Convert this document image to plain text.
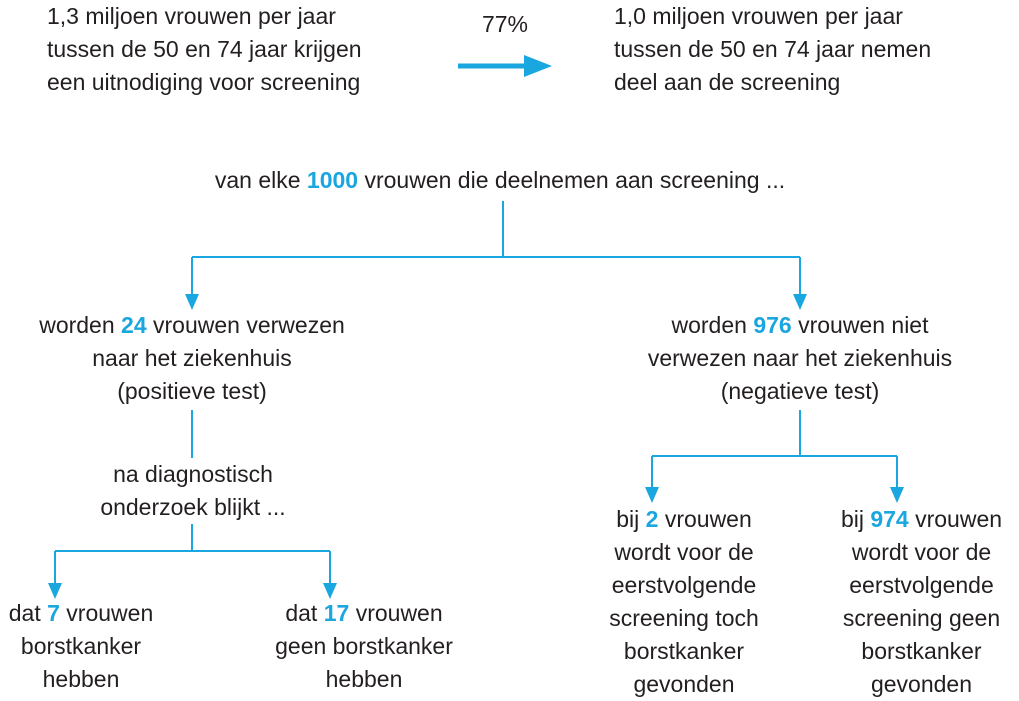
1,3 miljoen vrouwen per jaar
tussen de 50 en 74 jaar krijgen
een uitnodiging voor screening
77%	1,0 miljoen vrouwen per jaar
tussen de 50 en 74 jaar nemen
deel aan de screening
van elke 1000 vrouwen die deelnemen aan screening ...
worden 24 vrouwen verwezen
naar het ziekenhuis
(positieve test)
worden 976 vrouwen niet
verwezen naar het ziekenhuis
(negatieve test)
na diagnostisch
onderzoek blijkt ...
dat 7 vrouwen
borstkanker
hebben
dat 17 vrouwen
geen borstkanker
hebben
bij 2 vrouwen
wordt voor de
eerstvolgende
screening toch
borstkanker
gevonden
bij 974 vrouwen
wordt voor de
eerstvolgende
screening geen
borstkanker
gevonden
